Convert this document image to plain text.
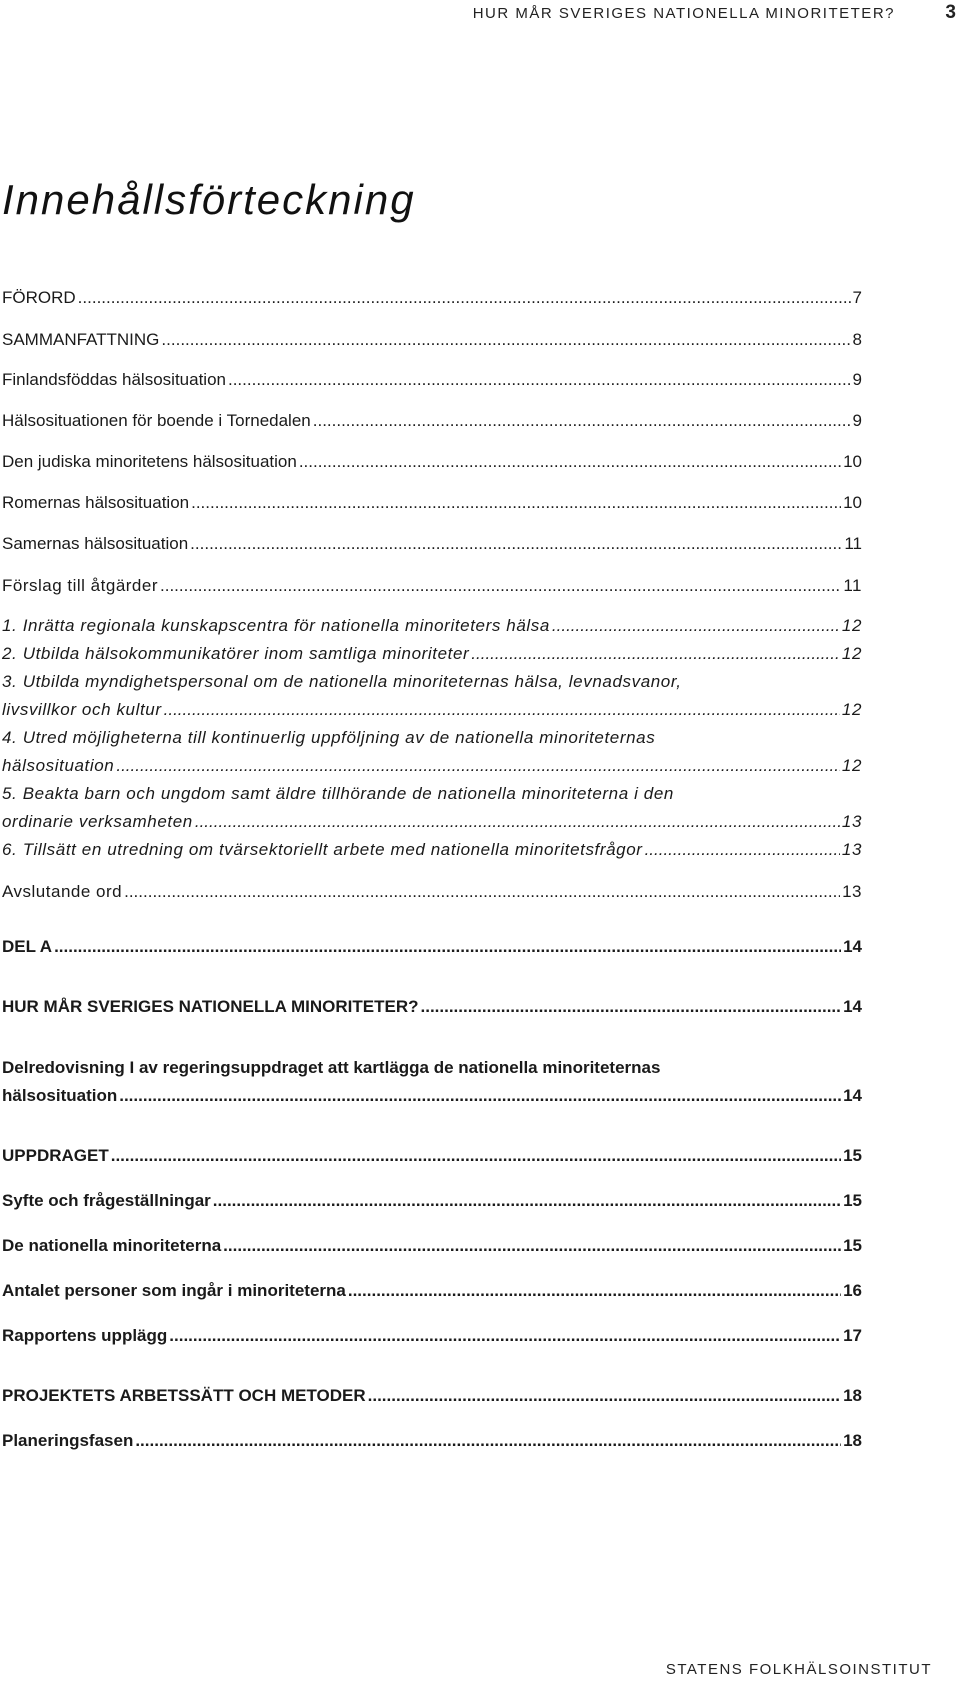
HUR MÅR SVERIGES NATIONELLA MINORITETER?	3
Innehållsförteckning
FÖRORD .....	7
SAMMANFATTNING .....	8
Finlandsföddas hälsosituation .....	9
Hälsosituationen för boende i Tornedalen .....	9
Den judiska minoritetens hälsosituation .....	10
Romernas hälsosituation .....	10
Samernas hälsosituation .....	11
Förslag till åtgärder .....	11
1. Inrätta regionala kunskapscentra för nationella minoriteters hälsa .....	12
2. Utbilda hälsokommunikatörer inom samtliga minoriteter .....	12
3. Utbilda myndighetspersonal om de nationella minoriteternas hälsa, levnadsvanor,
livsvillkor och kultur .....	12
4. Utred möjligheterna till kontinuerlig uppföljning av de nationella minoriteternas
hälsosituation .....	12
5. Beakta barn och ungdom samt äldre tillhörande de nationella minoriteterna i den
ordinarie verksamheten .....	13
6. Tillsätt en utredning om tvärsektoriellt arbete med nationella minoritetsfrågor .....	13
Avslutande ord .....	13
DEL A .....	14
HUR MÅR SVERIGES NATIONELLA MINORITETER? .....	14
Delredovisning I av regeringsuppdraget att kartlägga de nationella minoriteternas
hälsosituation .....	14
UPPDRAGET .....	15
Syfte och frågeställningar .....	15
De nationella minoriteterna .....	15
Antalet personer som ingår i minoriteterna .....	16
Rapportens upplägg .....	17
PROJEKTETS ARBETSSÄTT OCH METODER .....	18
Planeringsfasen .....	18
STATENS FOLKHÄLSOINSTITUT
